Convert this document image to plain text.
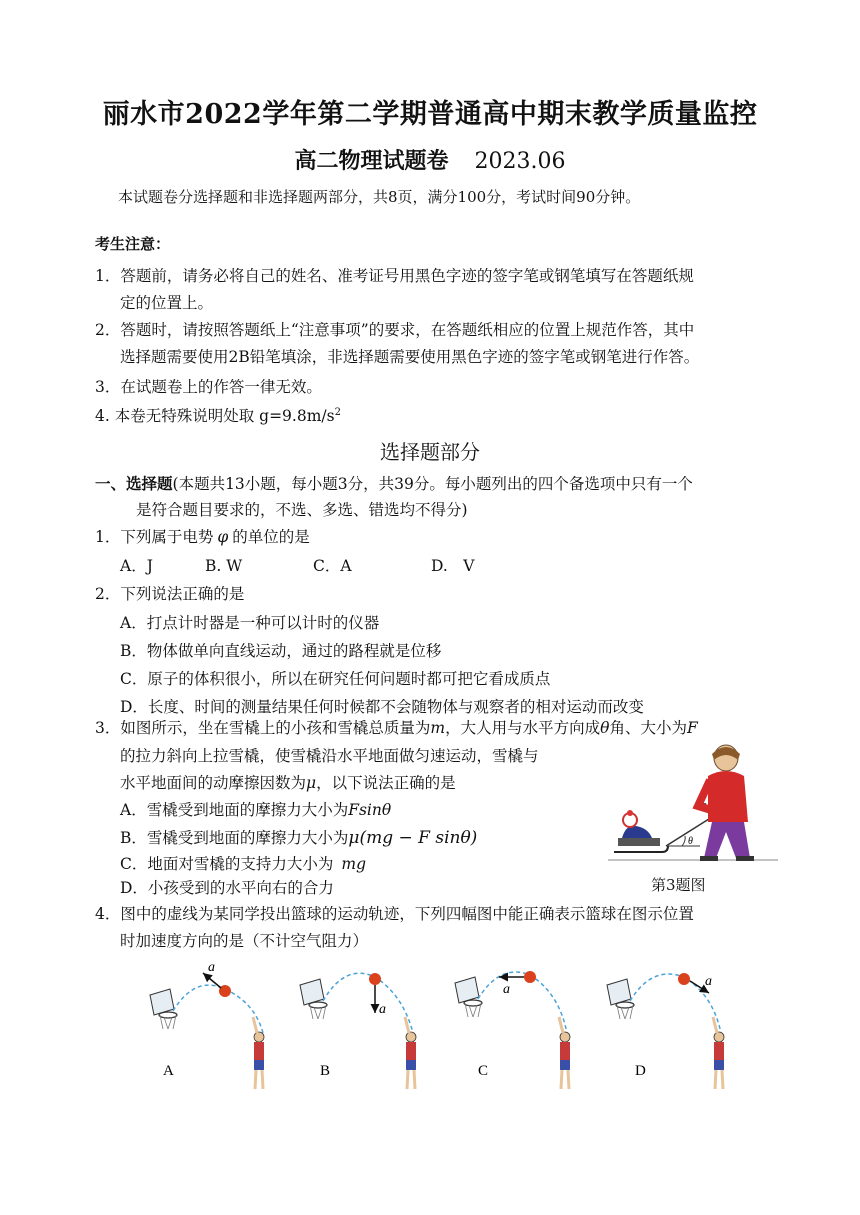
丽水市2022学年第二学期普通高中期末教学质量监控
高二物理试题卷 2023.06
本试题卷分选择题和非选择题两部分，共8页，满分100分，考试时间90分钟。
考生注意：
1．答题前，请务必将自己的姓名、准考证号用黑色字迹的签字笔或钢笔填写在答题纸规
定的位置上。
2．答题时，请按照答题纸上“注意事项”的要求，在答题纸相应的位置上规范作答，其中
选择题需要使用2B铅笔填涂，非选择题需要使用黑色字迹的签字笔或钢笔进行作答。
3．在试题卷上的作答一律无效。
4. 本卷无特殊说明处取 $g=9.8m/s^2$
选择题部分
一、选择题(本题共13小题，每小题3分，共39分。每小题列出的四个备选项中只有一个
是符合题目要求的，不选、多选、错选均不得分)
1．下列属于电势 φ 的单位的是
A．J	B. W	C．A	D.　V
2．下列说法正确的是
A．打点计时器是一种可以计时的仪器
B．物体做单向直线运动，通过的路程就是位移
C．原子的体积很小，所以在研究任何问题时都可把它看成质点
D．长度、时间的测量结果任何时候都不会随物体与观察者的相对运动而改变
3．如图所示，坐在雪橇上的小孩和雪橇总质量为m，大人用与水平方向成θ角、大小为F
的拉力斜向上拉雪橇，使雪橇沿水平地面做匀速运动，雪橇与
水平地面间的动摩擦因数为μ，以下说法正确的是
A．雪橇受到地面的摩擦力大小为Fsinθ
B．雪橇受到地面的摩擦力大小为μ(mg − F sinθ)
C．地面对雪橇的支持力大小为 mg
D．小孩受到的水平向右的合力
F
θ
第3题图
4．图中的虚线为某同学投出篮球的运动轨迹，下列四幅图中能正确表示篮球在图示位置
时加速度方向的是（不计空气阻力）
a
A
a
B
a
C
a
D
